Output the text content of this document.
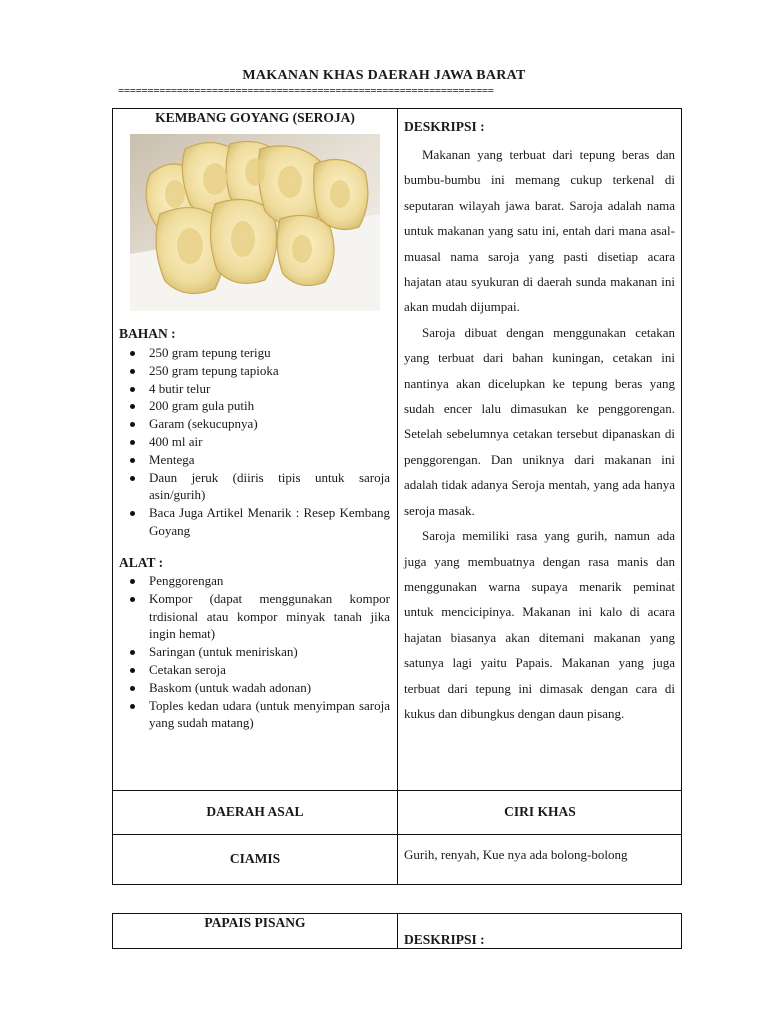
MAKANAN KHAS DAERAH JAWA BARAT
================================================================
KEMBANG GOYANG (SEROJA)
BAHAN :
250 gram tepung terigu
250 gram tepung tapioka
4 butir telur
200 gram gula putih
Garam (sekucupnya)
400 ml air
Mentega
Daun jeruk (diiris tipis untuk saroja asin/gurih)
Baca Juga Artikel Menarik : Resep Kembang Goyang
ALAT :
Penggorengan
Kompor (dapat menggunakan kompor trdisional atau kompor minyak tanah jika ingin hemat)
Saringan (untuk meniriskan)
Cetakan seroja
Baskom (untuk wadah adonan)
Toples kedan udara (untuk menyimpan saroja yang sudah matang)
DESKRIPSI :

Makanan yang terbuat dari tepung beras dan bumbu-bumbu ini memang cukup terkenal di seputaran wilayah jawa barat. Saroja adalah nama untuk makanan yang satu ini, entah dari mana asal-muasal nama saroja yang pasti disetiap acara hajatan atau syukuran di daerah sunda makanan ini akan mudah dijumpai.

Saroja dibuat dengan menggunakan cetakan yang terbuat dari bahan kuningan, cetakan ini nantinya akan dicelupkan ke tepung beras yang sudah encer lalu dimasukan ke penggorengan. Setelah sebelumnya cetakan tersebut dipanaskan di penggorengan. Dan uniknya dari makanan ini adalah tidak adanya Seroja mentah, yang ada hanya seroja masak.

Saroja memiliki rasa yang gurih, namun ada juga yang membuatnya dengan rasa manis dan menggunakan warna supaya menarik peminat untuk mencicipinya. Makanan ini kalo di acara hajatan biasanya akan ditemani makanan yang satunya lagi yaitu Papais. Makanan yang juga terbuat dari tepung ini dimasak dengan cara di kukus dan dibungkus dengan daun pisang.

DAERAH ASAL	CIRI KHAS
CIAMIS	Gurih, renyah, Kue nya ada bolong-bolong
PAPAIS PISANG
DESKRIPSI :
